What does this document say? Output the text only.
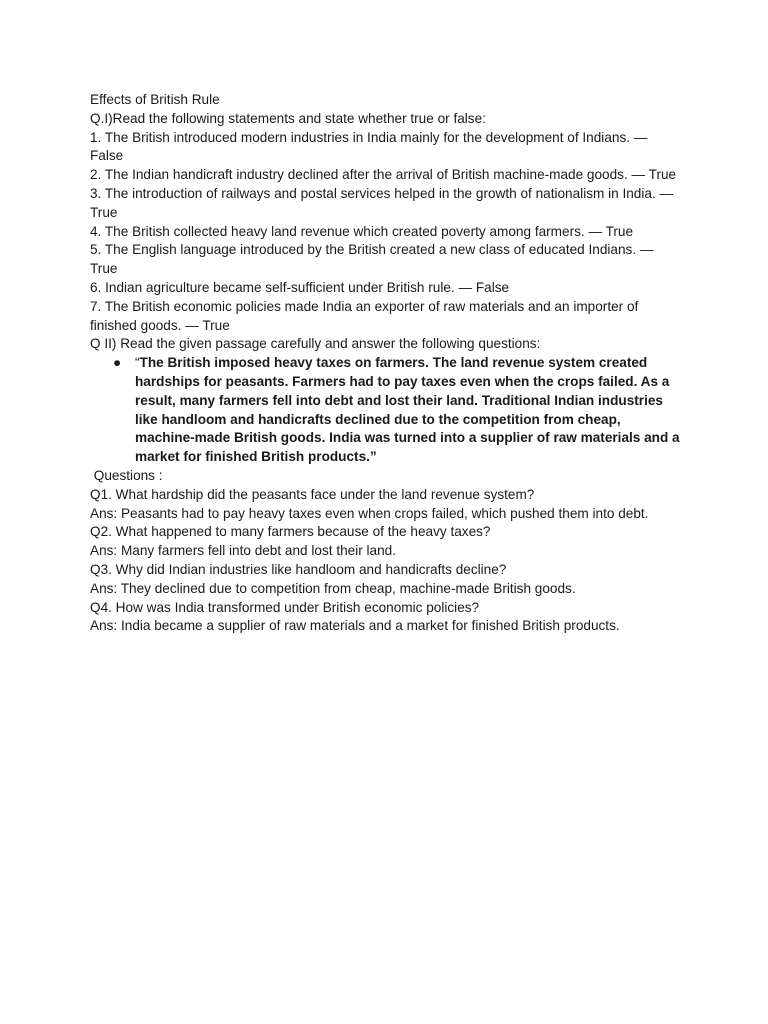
Effects of British Rule

Q.I)Read the following statements and state whether true or false:

1. The British introduced modern industries in India mainly for the development of Indians. — False

2. The Indian handicraft industry declined after the arrival of British machine-made goods. — True

3. The introduction of railways and postal services helped in the growth of nationalism in India. — True

4. The British collected heavy land revenue which created poverty among farmers. — True

5. The English language introduced by the British created a new class of educated Indians. — True

6. Indian agriculture became self-sufficient under British rule. — False

7. The British economic policies made India an exporter of raw materials and an importer of finished goods. — True

Q II) Read the given passage carefully and answer the following questions:

● “The British imposed heavy taxes on farmers. The land revenue system created hardships for peasants. Farmers had to pay taxes even when the crops failed. As a result, many farmers fell into debt and lost their land. Traditional Indian industries like handloom and handicrafts declined due to the competition from cheap, machine-made British goods. India was turned into a supplier of raw materials and a market for finished British products.”

Questions :

Q1. What hardship did the peasants face under the land revenue system?

Ans: Peasants had to pay heavy taxes even when crops failed, which pushed them into debt.

Q2. What happened to many farmers because of the heavy taxes?

Ans: Many farmers fell into debt and lost their land.

Q3. Why did Indian industries like handloom and handicrafts decline?

Ans: They declined due to competition from cheap, machine-made British goods.

Q4. How was India transformed under British economic policies?

Ans: India became a supplier of raw materials and a market for finished British products.
